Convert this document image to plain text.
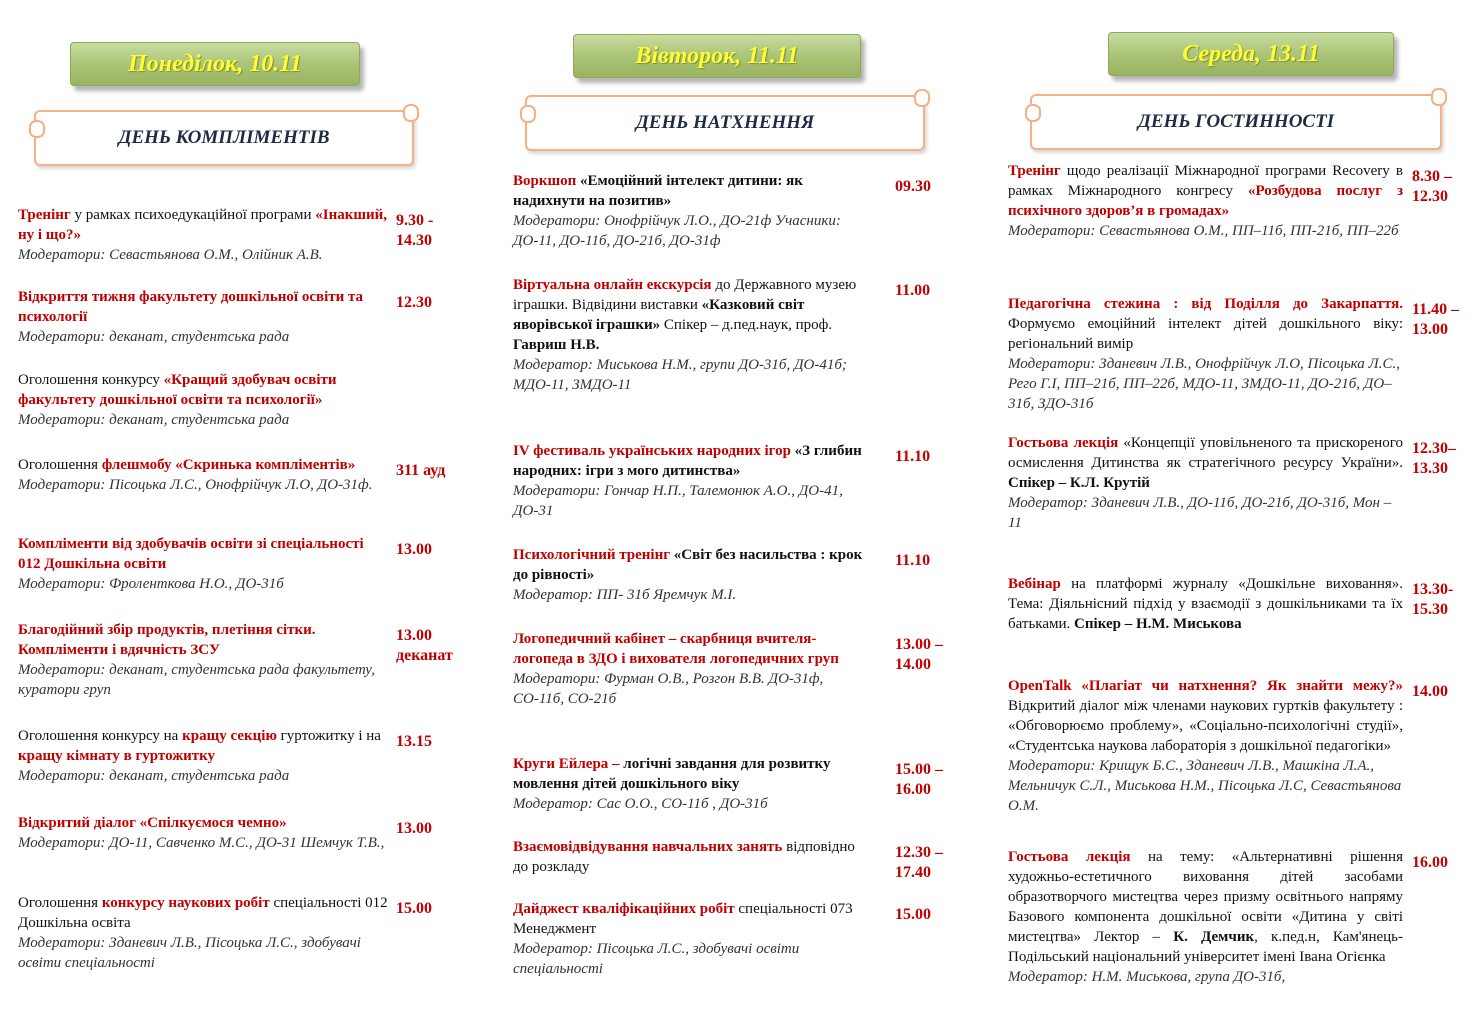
Понеділок, 10.11
ДЕНЬ КОМПЛІМЕНТІВ
Тренінг у рамках психоедукаційної програми «Інакший, ну і що?»
Модератори: Севастьянова О.М., Олійник А.В.
9.30 - 14.30
Відкриття тижня факультету дошкільної освіти та психології
Модератори: деканат, студентська рада
12.30
Оголошення конкурсу «Кращий здобувач освіти факультету дошкільної освіти та психології»
Модератори: деканат, студентська рада
Оголошення флешмобу «Скринька компліментів»
Модератори: Пісоцька Л.С., Онофрійчук Л.О, ДО-31ф.
311 ауд
Компліменти від здобувачів освіти зі спеціальності 012 Дошкільна освіти
Модератори: Фроленткова Н.О., ДО-31б
13.00
Благодійний збір продуктів, плетіння сітки. Компліменти і вдячність ЗСУ
Модератори: деканат, студентська рада факультету, куратори груп
13.00 деканат
Оголошення конкурсу на кращу секцію гуртожитку і на кращу кімнату в гуртожитку
Модератори: деканат, студентська рада
13.15
Відкритий діалог «Спілкуємося чемно»
Модератори: ДО-11, Савченко М.С., ДО-31 Шемчук Т.В.,
13.00
Оголошення конкурсу наукових робіт спеціальності 012 Дошкільна освіта
Модератори: Зданевич Л.В., Пісоцька Л.С., здобувачі освіти спеціальності
15.00
Вівторок, 11.11
ДЕНЬ НАТХНЕННЯ
Воркшоп «Емоційний інтелект дитини: як надихнути на позитив»
Модератори: Онофрійчук Л.О., ДО-21ф Учасники: ДО-11, ДО-11б, ДО-21б, ДО-31ф
09.30
Віртуальна онлайн екскурсія до Державного музею іграшки. Відвідини виставки «Казковий світ яворівської іграшки» Спікер – д.пед.наук, проф. Гавриш Н.В.
Модератор: Миськова Н.М., групи ДО-31б, ДО-41б; МДО-11, ЗМДО-11
11.00
IV фестиваль українських народних ігор «З глибин народних: ігри з мого дитинства»
Модератори: Гончар Н.П., Талемонюк А.О., ДО-41, ДО-31
11.10
Психологічний тренінг «Світ без насильства : крок до рівності»
Модератор: ПП- 31б Яремчук М.І.
11.10
Логопедичний кабінет – скарбниця вчителя-логопеда в ЗДО і вихователя логопедичних груп
Модератори: Фурман О.В., Розгон В.В. ДО-31ф, СО-11б, СО-21б
13.00 – 14.00
Круги Ейлера – логічні завдання для розвитку мовлення дітей дошкільного віку
Модератор: Сас О.О., СО-11б , ДО-31б
15.00 – 16.00
Взаємовідвідування навчальних занять відповідно до розкладу
12.30 – 17.40
Дайджест кваліфікаційних робіт спеціальності 073 Менеджмент
Модератор: Пісоцька Л.С., здобувачі освіти спеціальності
15.00
Середа, 13.11
ДЕНЬ ГОСТИННОСТІ
Тренінг щодо реалізації Міжнародної програми Recovery в рамках Міжнародного конгресу «Розбудова послуг з психічного здоров’я в громадах»
Модератори: Севастьянова О.М., ПП–11б, ПП-21б, ПП–22б
8.30 – 12.30
Педагогічна стежина : від Поділля до Закарпаття. Формуємо емоційний інтелект дітей дошкільного віку: регіональний вимір
Модератори: Зданевич Л.В., Онофрійчук Л.О, Пісоцька Л.С., Рего Г.І, ПП–21б, ПП–22б, МДО-11, ЗМДО-11, ДО-21б, ДО–31б, ЗДО-31б
11.40 – 13.00
Гостьова лекція «Концепції уповільненого та прискореного осмислення Дитинства як стратегічного ресурсу України». Спікер – К.Л. Крутій
Модератор: Зданевич Л.В., ДО-11б, ДО-21б, ДО-31б, Мон – 11
12.30– 13.30
Вебінар на платформі журналу «Дошкільне виховання». Тема: Діяльнісний підхід у взаємодії з дошкільниками та їх батьками. Спікер – Н.М. Миськова
13.30- 15.30
OpenTalk «Плагіат чи натхнення? Як знайти межу?» Відкритий діалог між членами наукових гуртків факультету : «Обговорюємо проблему», «Соціально-психологічні студії», «Студентська наукова лабораторія з дошкільної педагогіки»
Модератори: Крищук Б.С., Зданевич Л.В., Машкіна Л.А., Мельничук С.Л., Миськова Н.М., Пісоцька Л.С, Севастьянова О.М.
14.00
Гостьова лекція на тему: «Альтернативні рішення художньо-естетичного виховання дітей засобами образотворчого мистецтва через призму освітнього напряму Базового компонента дошкільної освіти «Дитина у світі мистецтва» Лектор – К. Демчик, к.пед.н, Кам'янець-Подільський національний університет імені Івана Огієнка
Модератор: Н.М. Миськова, група ДО-31б,
16.00
